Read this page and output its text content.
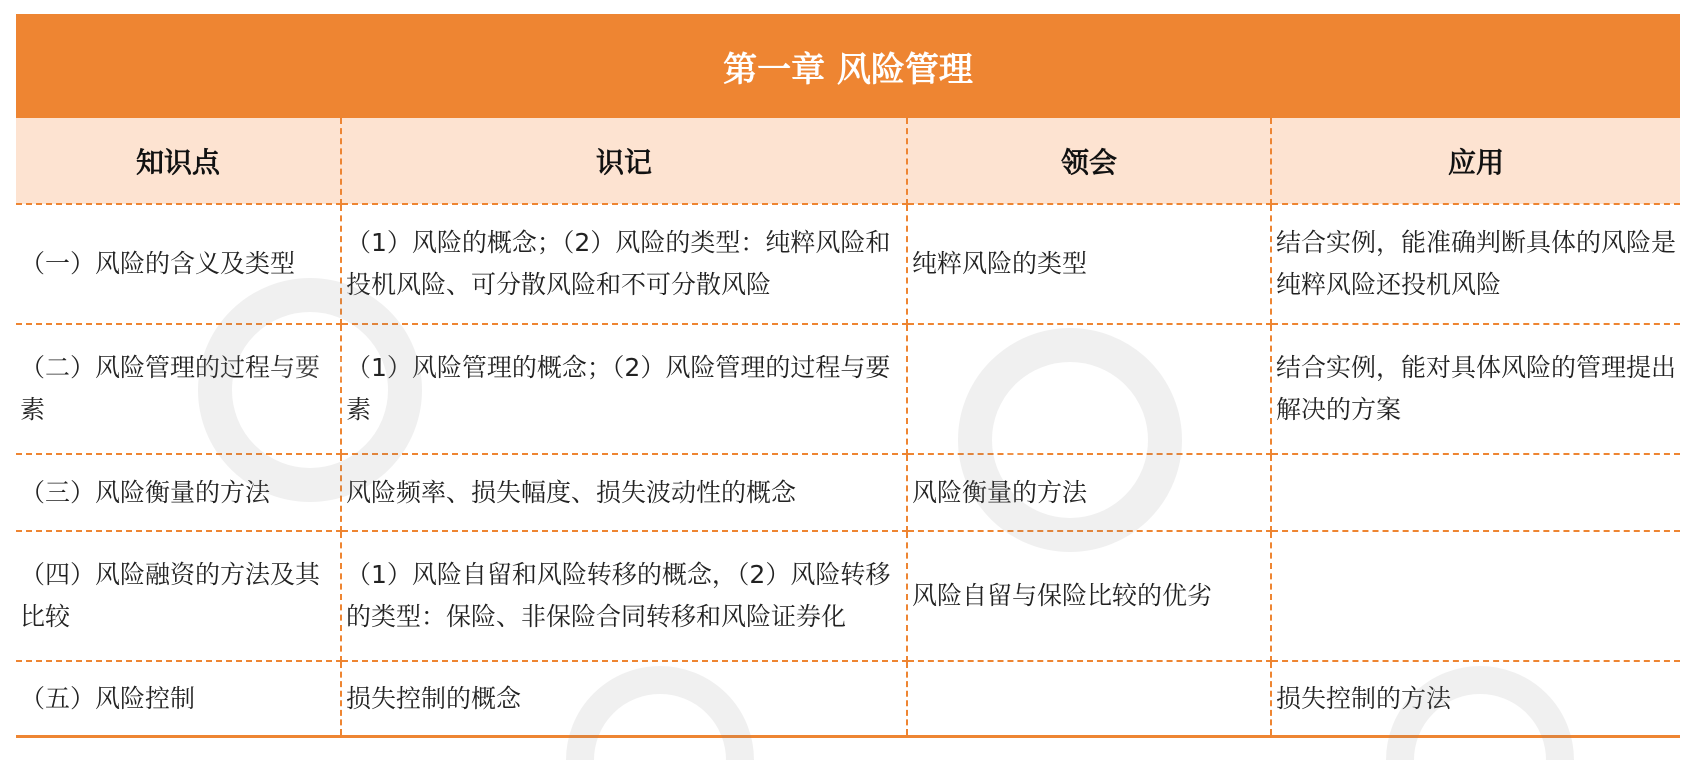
第一章 风险管理			
知识点	识记	领会	应用
（一）风险的含义及类型	（1）风险的概念；（2）风险的类型：纯粹风险和投机风险、可分散风险和不可分散风险	纯粹风险的类型	结合实例，能准确判断具体的风险是纯粹风险还投机风险
（二）风险管理的过程与要素	（1）风险管理的概念；（2）风险管理的过程与要素		结合实例，能对具体风险的管理提出解决的方案
（三）风险衡量的方法	风险频率、损失幅度、损失波动性的概念	风险衡量的方法	
（四）风险融资的方法及其比较	（1）风险自留和风险转移的概念，（2）风险转移的类型：保险、非保险合同转移和风险证券化	风险自留与保险比较的优劣	
（五）风险控制	损失控制的概念		损失控制的方法
